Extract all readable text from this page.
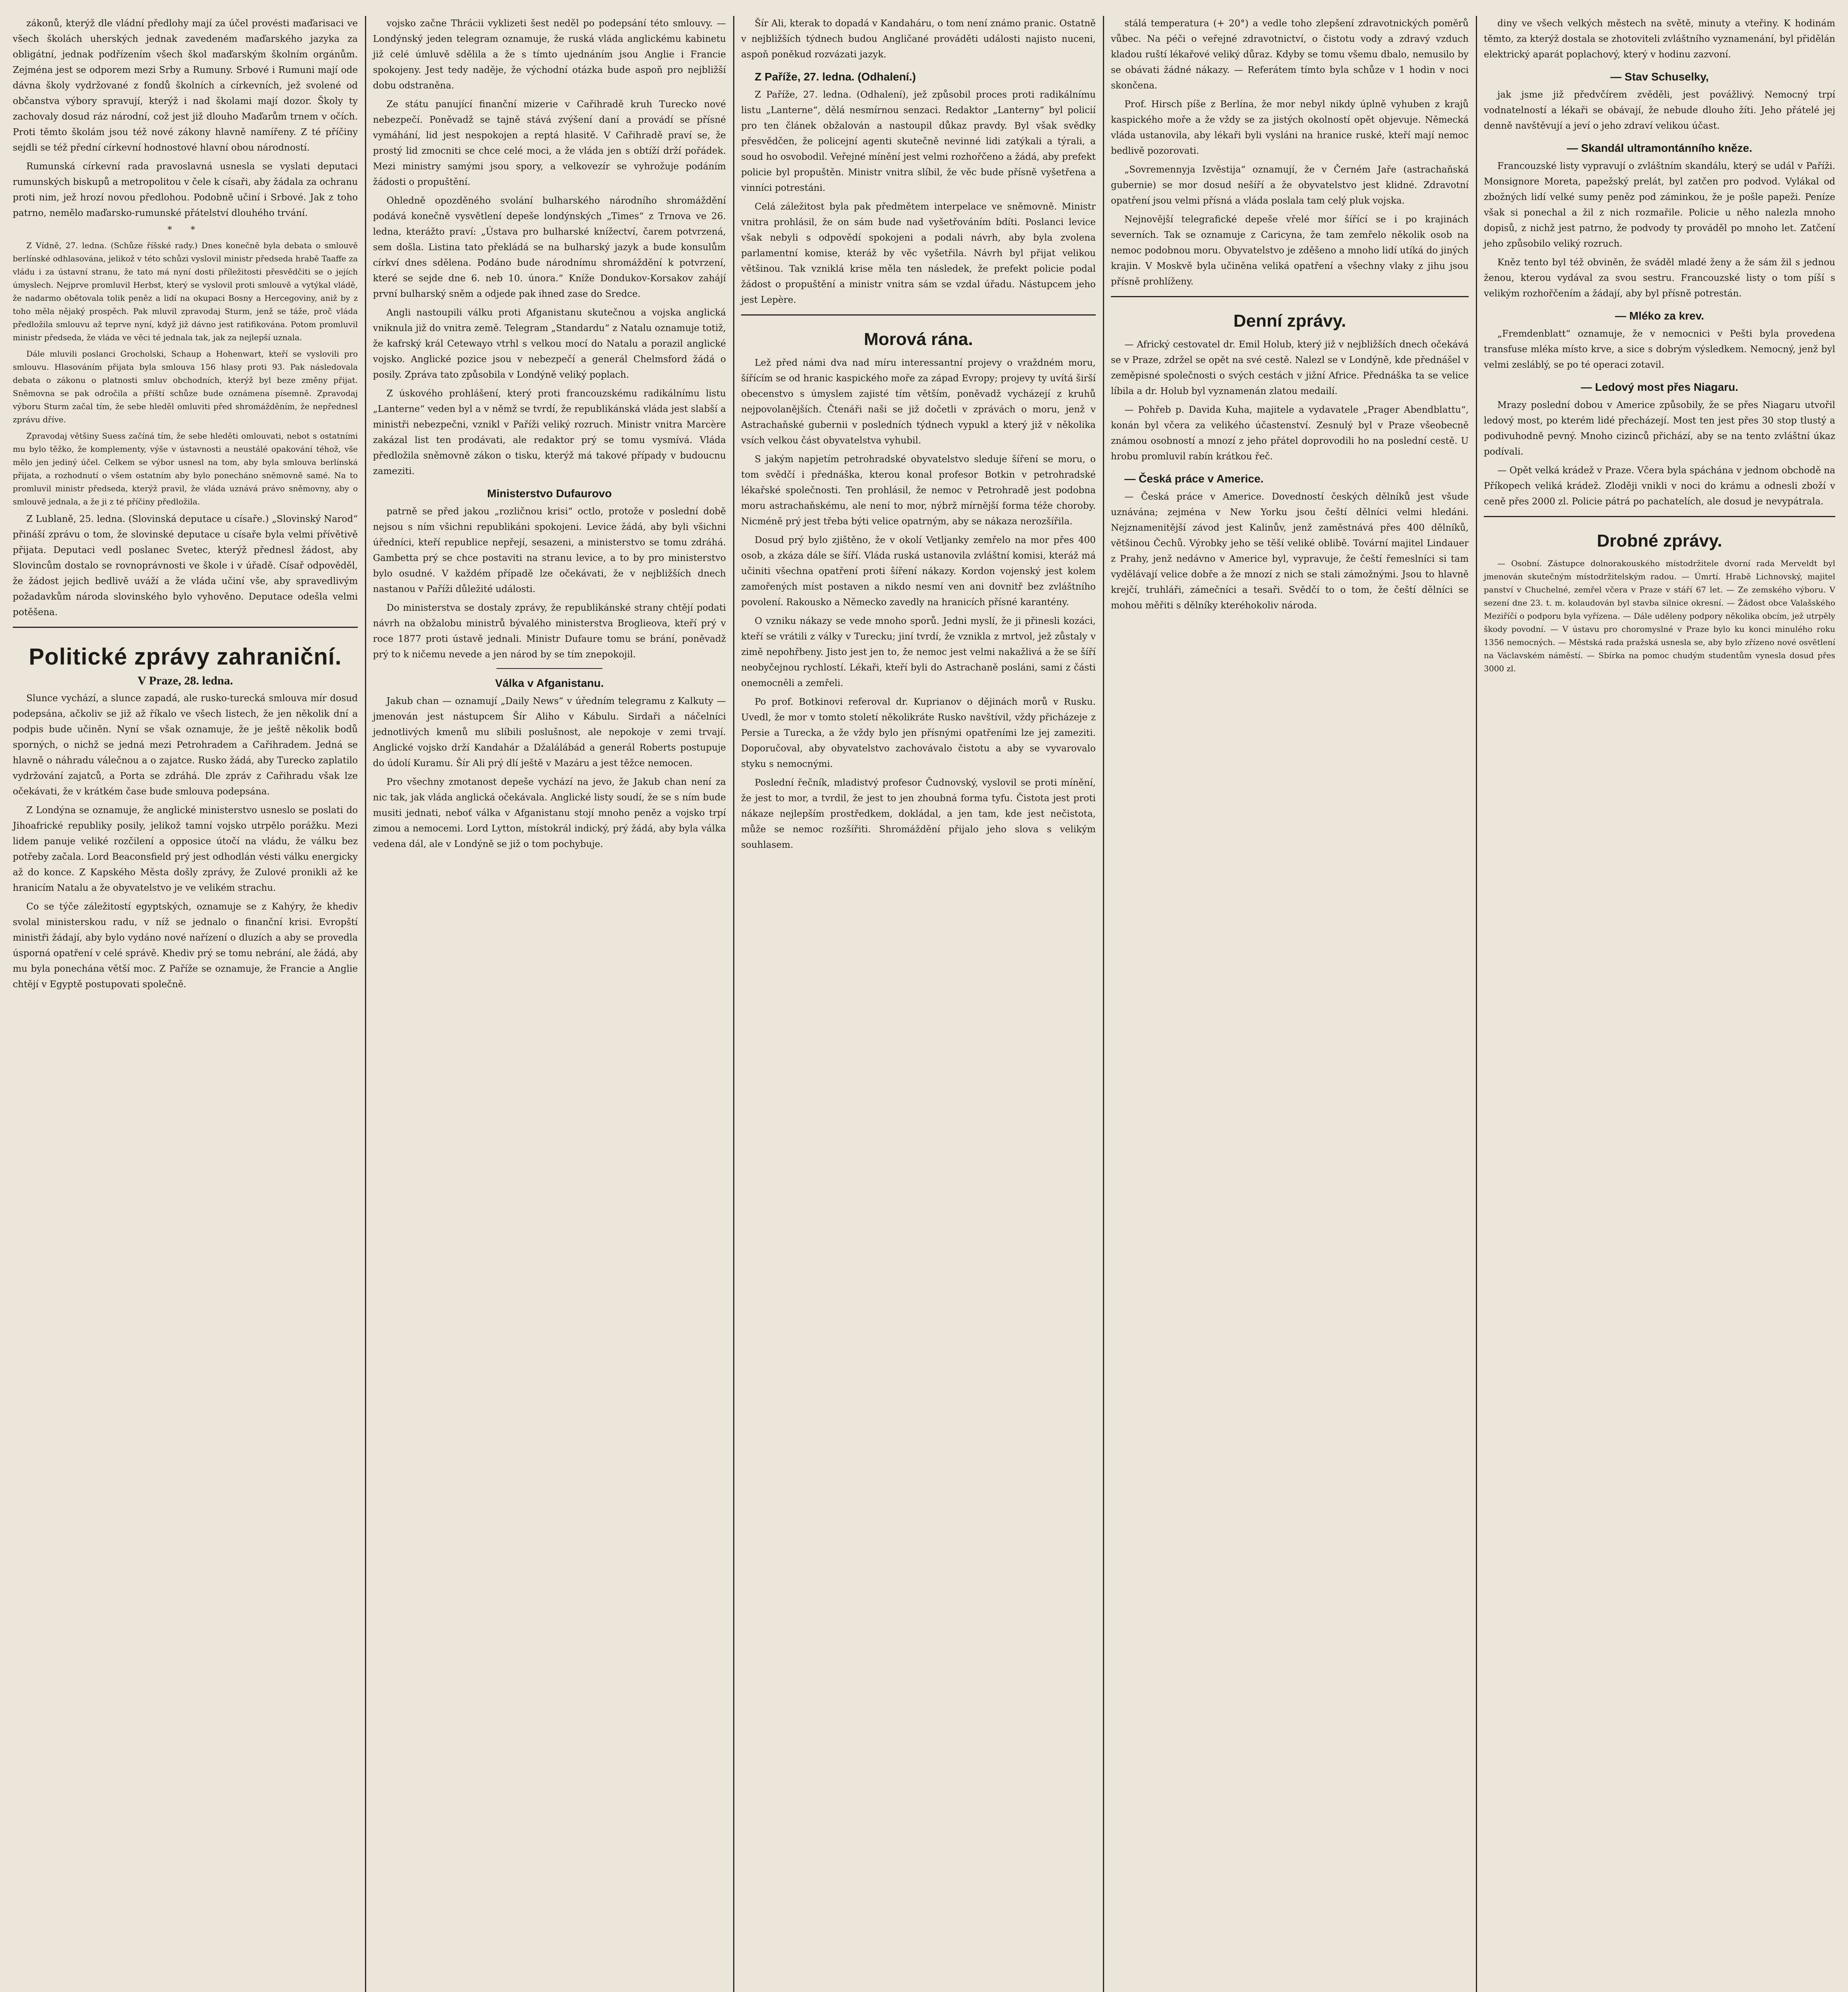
zákonů, kterýž dle vládní předlohy mají za účel provésti maďarisaci ve všech školách uherských jednak zavedeném maďarského jazyka za obligátní, jednak podřízením všech škol maďarským školním orgánům. Zejména jest se odporem mezi Srby a Rumuny. Srbové i Rumuni mají ode dávna školy vydržované z fondů školních a církevních, jež svolené od občanstva výbory spravují, kterýž i nad školami mají dozor. Školy ty zachovaly dosud ráz národní, což jest již dlouho Maďarům trnem v očích. Proti těmto školám jsou též nové zákony hlavně namířeny. Z té příčiny sejdli se též přední církevní hodnostové hlavní obou národností.

Rumunská církevní rada pravoslavná usnesla se vyslati deputaci rumunských biskupů a metropolitou v čele k císaři, aby žádala za ochranu proti nim, jež hrozí novou předlohou. Podobně učiní i Srbové. Jak z toho patrno, nemělo maďarsko-rumunské přátelství dlouhého trvání.

* *

Z Vídně, 27. ledna. (Schůze říšské rady.) Dnes konečně byla debata o smlouvě berlínské odhlasována, jelikož v této schůzi vyslovil ministr předseda hrabě Taaffe za vládu i za ústavní stranu, že tato má nyní dosti příležitosti přesvědčiti se o jejích úmyslech. Nejprve promluvil Herbst, který se vyslovil proti smlouvě a vytýkal vládě, že nadarmo obětovala tolik peněz a lidí na okupaci Bosny a Hercegoviny, aniž by z toho měla nějaký prospěch. Pak mluvil zpravodaj Sturm, jenž se táže, proč vláda předložila smlouvu až teprve nyní, když již dávno jest ratifikována. Potom promluvil ministr předseda, že vláda ve věci té jednala tak, jak za nejlepší uznala.

Dále mluvili poslanci Grocholski, Schaup a Hohenwart, kteří se vyslovili pro smlouvu. Hlasováním přijata byla smlouva 156 hlasy proti 93. Pak následovala debata o zákonu o platnosti smluv obchodních, kterýž byl beze změny přijat. Sněmovna se pak odročila a příští schůze bude oznámena písemně. Zpravodaj výboru Sturm začal tím, že sebe hleděl omluviti před shromážděním, že nepřednesl zprávu dříve.

Zpravodaj většiny Suess začíná tím, že sebe hleděti omlouvati, nebot s ostatními mu bylo těžko, že komplementy, výše v ústavnosti a neustálé opakování téhož, vše mělo jen jediný účel. Celkem se výbor usnesl na tom, aby byla smlouva berlínská přijata, a rozhodnutí o všem ostatním aby bylo ponecháno sněmovně samé. Na to promluvil ministr předseda, kterýž pravil, že vláda uznává právo sněmovny, aby o smlouvě jednala, a že ji z té příčiny předložila.

Z Lublaně, 25. ledna. (Slovinská deputace u císaře.) „Slovinský Narod“ přináší zprávu o tom, že slovinské deputace u císaře byla velmi přívětivě přijata. Deputaci vedl poslanec Svetec, kterýž přednesl žádost, aby Slovincům dostalo se rovnoprávnosti ve škole i v úřadě. Císař odpověděl, že žádost jejich bedlivě uváží a že vláda učiní vše, aby spravedlivým požadavkům národa slovinského bylo vyhověno. Deputace odešla velmi potěšena.

Politické zprávy zahraniční.
V Praze, 28. ledna.

Slunce vychází, a slunce zapadá, ale rusko-turecká smlouva mír dosud podepsána, ačkoliv se již až říkalo ve všech listech, že jen několik dní a podpis bude učiněn. Nyní se však oznamuje, že je ještě několik bodů sporných, o nichž se jedná mezi Petrohradem a Cařihradem. Jedná se hlavně o náhradu válečnou a o zajatce. Rusko žádá, aby Turecko zaplatilo vydržování zajatců, a Porta se zdráhá. Dle zpráv z Cařihradu však lze očekávati, že v krátkém čase bude smlouva podepsána.

Z Londýna se oznamuje, že anglické ministerstvo usneslo se poslati do Jihoafrické republiky posily, jelikož tamní vojsko utrpělo porážku. Mezi lidem panuje veliké rozčilení a opposice útočí na vládu, že válku bez potřeby začala. Lord Beaconsfield prý jest odhodlán vésti válku energicky až do konce. Z Kapského Města došly zprávy, že Zulové pronikli až ke hranicím Natalu a že obyvatelstvo je ve velikém strachu.

Co se týče záležitostí egyptských, oznamuje se z Kahýry, že khediv svolal ministerskou radu, v níž se jednalo o finanční krisi. Evropští ministři žádají, aby bylo vydáno nové nařízení o dluzích a aby se provedla úsporná opatření v celé správě. Khediv prý se tomu nebrání, ale žádá, aby mu byla ponechána větší moc. Z Paříže se oznamuje, že Francie a Anglie chtějí v Egyptě postupovati společně.

vojsko začne Thrácii vyklizeti šest neděl po podepsání této smlouvy. — Londýnský jeden telegram oznamuje, že ruská vláda anglickému kabinetu již celé úmluvě sdělila a že s tímto ujednáním jsou Anglie i Francie spokojeny. Jest tedy naděje, že východní otázka bude aspoň pro nejbližší dobu odstraněna.

Ze státu panující finanční mizerie v Cařihradě kruh Turecko nové nebezpečí. Poněvadž se tajně stává zvýšení daní a provádí se přísné vymáhání, lid jest nespokojen a reptá hlasitě. V Cařihradě praví se, že prostý lid zmocniti se chce celé moci, a že vláda jen s obtíží drží pořádek. Mezi ministry samými jsou spory, a velkovezír se vyhrožuje podáním žádosti o propuštění.

Ohledně opozděného svolání bulharského národního shromáždění podává konečně vysvětlení depeše londýnských „Times“ z Trnova ve 26. ledna, kterážto praví: „Ústava pro bulharské knížectví, čarem potvrzená, sem došla. Listina tato překládá se na bulharský jazyk a bude konsulům církví dnes sdělena. Podáno bude národnímu shromáždění k potvrzení, které se sejde dne 6. neb 10. února.“ Kníže Dondukov-Korsakov zahájí první bulharský sněm a odjede pak ihned zase do Sredce.

Angli nastoupili válku proti Afganistanu skutečnou a vojska anglická vniknula již do vnitra země. Telegram „Standardu“ z Natalu oznamuje totiž, že kafrský král Cetewayo vtrhl s velkou mocí do Natalu a porazil anglické vojsko. Anglické pozice jsou v nebezpečí a generál Chelmsford žádá o posily. Zpráva tato způsobila v Londýně veliký poplach.

Z úskového prohlášení, který proti francouzskému radikálnímu listu „Lanterne“ veden byl a v němž se tvrdí, že republikánská vláda jest slabší a ministři nebezpečni, vznikl v Paříži veliký rozruch. Ministr vnitra Marcère zakázal list ten prodávati, ale redaktor prý se tomu vysmívá. Vláda předložila sněmovně zákon o tisku, kterýž má takové případy v budoucnu zameziti.

Ministerstvo Dufaurovo

patrně se před jakou „rozličnou krisi“ octlo, protože v poslední době nejsou s ním všichni republikáni spokojeni. Levice žádá, aby byli všichni úředníci, kteří republice nepřejí, sesazeni, a ministerstvo se tomu zdráhá. Gambetta prý se chce postaviti na stranu levice, a to by pro ministerstvo bylo osudné. V každém případě lze očekávati, že v nejbližších dnech nastanou v Paříži důležité události.

Do ministerstva se dostaly zprávy, že republikánské strany chtějí podati návrh na obžalobu ministrů bývalého ministerstva Broglieova, kteří prý v roce 1877 proti ústavě jednali. Ministr Dufaure tomu se brání, poněvadž prý to k ničemu nevede a jen národ by se tím znepokojil.

Válka v Afganistanu.

Jakub chan — oznamují „Daily News“ v úředním telegramu z Kalkuty — jmenován jest nástupcem Šír Aliho v Kábulu. Sirdaři a náčelníci jednotlivých kmenů mu slíbili poslušnost, ale nepokoje v zemi trvají. Anglické vojsko drží Kandahár a Džalálábád a generál Roberts postupuje do údolí Kuramu. Šír Ali prý dlí ještě v Mazáru a jest těžce nemocen.

Pro všechny zmotanost depeše vychází na jevo, že Jakub chan není za nic tak, jak vláda anglická očekávala. Anglické listy soudí, že se s ním bude musiti jednati, neboť válka v Afganistanu stojí mnoho peněz a vojsko trpí zimou a nemocemi. Lord Lytton, místokrál indický, prý žádá, aby byla válka vedena dál, ale v Londýně se již o tom pochybuje.

Šír Ali, kterak to dopadá v Kandaháru, o tom není známo pranic. Ostatně v nejbližších týdnech budou Angličané prováděti události najisto nuceni, aspoň poněkud rozvázati jazyk.

Z Paříže, 27. ledna. (Odhalení.)

Z Paříže, 27. ledna. (Odhalení), jež způsobil proces proti radikálnímu listu „Lanterne“, dělá nesmírnou senzaci. Redaktor „Lanterny“ byl policií pro ten článek obžalován a nastoupil důkaz pravdy. Byl však svědky přesvědčen, že policejní agenti skutečně nevinné lidi zatýkali a týrali, a soud ho osvobodil. Veřejné mínění jest velmi rozhořčeno a žádá, aby prefekt policie byl propuštěn. Ministr vnitra slíbil, že věc bude přísně vyšetřena a vinníci potrestáni.

Celá záležitost byla pak předmětem interpelace ve sněmovně. Ministr vnitra prohlásil, že on sám bude nad vyšetřováním bdíti. Poslanci levice však nebyli s odpovědí spokojeni a podali návrh, aby byla zvolena parlamentní komise, kteráž by věc vyšetřila. Návrh byl přijat velikou většinou. Tak vzniklá krise měla ten následek, že prefekt policie podal žádost o propuštění a ministr vnitra sám se vzdal úřadu. Nástupcem jeho jest Lepère.

Morová rána.

Lež před námi dva nad míru interessantní projevy o vraždném moru, šířícím se od hranic kaspického moře za západ Evropy; projevy ty uvítá širší obecenstvo s úmyslem zajisté tím větším, poněvadž vycházejí z kruhů nejpovolanějších. Čtenáři naši se již dočetli v zprávách o moru, jenž v Astrachaňské gubernii v posledních týdnech vypukl a který již v několika vsích velkou část obyvatelstva vyhubil.

S jakým napjetím petrohradské obyvatelstvo sleduje šíření se moru, o tom svědčí i přednáška, kterou konal profesor Botkin v petrohradské lékařské společnosti. Ten prohlásil, že nemoc v Petrohradě jest podobna moru astrachaňskému, ale není to mor, nýbrž mírnější forma téže choroby. Nicméně prý jest třeba býti velice opatrným, aby se nákaza nerozšířila.

Dosud prý bylo zjištěno, že v okolí Vetljanky zemřelo na mor přes 400 osob, a zkáza dále se šíří. Vláda ruská ustanovila zvláštní komisi, kteráž má učiniti všechna opatření proti šíření nákazy. Kordon vojenský jest kolem zamořených míst postaven a nikdo nesmí ven ani dovnitř bez zvláštního povolení. Rakousko a Německo zavedly na hranicích přísné karantény.

O vzniku nákazy se vede mnoho sporů. Jedni myslí, že ji přinesli kozáci, kteří se vrátili z války v Turecku; jiní tvrdí, že vznikla z mrtvol, jež zůstaly v zimě nepohřbeny. Jisto jest jen to, že nemoc jest velmi nakažlivá a že se šíří neobyčejnou rychlostí. Lékaři, kteří byli do Astrachaně posláni, sami z části onemocněli a zemřeli.

Po prof. Botkinovi referoval dr. Kuprianov o dějinách morů v Rusku. Uvedl, že mor v tomto století několikráte Rusko navštívil, vždy přicházeje z Persie a Turecka, a že vždy bylo jen přísnými opatřeními lze jej zameziti. Doporučoval, aby obyvatelstvo zachovávalo čistotu a aby se vyvarovalo styku s nemocnými.

Poslední řečník, mladistvý profesor Čudnovský, vyslovil se proti mínění, že jest to mor, a tvrdil, že jest to jen zhoubná forma tyfu. Čistota jest proti nákaze nejlepším prostředkem, dokládal, a jen tam, kde jest nečistota, může se nemoc rozšířiti. Shromáždění přijalo jeho slova s velikým souhlasem.

stálá temperatura (+ 20°) a vedle toho zlepšení zdravotnických poměrů vůbec. Na péči o veřejné zdravotnictví, o čistotu vody a zdravý vzduch kladou ruští lékařové veliký důraz. Kdyby se tomu všemu dbalo, nemusilo by se obávati žádné nákazy. — Referátem tímto byla schůze v 1 hodin v noci skončena.

Prof. Hirsch píše z Berlína, že mor nebyl nikdy úplně vyhuben z krajů kaspického moře a že vždy se za jistých okolností opět objevuje. Německá vláda ustanovila, aby lékaři byli vysláni na hranice ruské, kteří mají nemoc bedlivě pozorovati.

„Sovremennyja Izvěstija“ oznamují, že v Černém Jaře (astrachaňská gubernie) se mor dosud nešíří a že obyvatelstvo jest klidné. Zdravotní opatření jsou velmi přísná a vláda poslala tam celý pluk vojska.

Nejnovější telegrafické depeše vřelé mor šířící se i po krajinách severních. Tak se oznamuje z Caricyna, že tam zemřelo několik osob na nemoc podobnou moru. Obyvatelstvo je zděšeno a mnoho lidí utíká do jiných krajin. V Moskvě byla učiněna veliká opatření a všechny vlaky z jihu jsou přísně prohlíženy.

Denní zprávy.

— Africký cestovatel dr. Emil Holub, který již v nejbližších dnech očekává se v Praze, zdržel se opět na své cestě. Nalezl se v Londýně, kde přednášel v zeměpisné společnosti o svých cestách v jižní Africe. Přednáška ta se velice líbila a dr. Holub byl vyznamenán zlatou medailí.

— Pohřeb p. Davida Kuha, majitele a vydavatele „Prager Abendblattu“, konán byl včera za velikého účastenství. Zesnulý byl v Praze všeobecně známou osobností a mnozí z jeho přátel doprovodili ho na poslední cestě. U hrobu promluvil rabín krátkou řeč.

— Česká práce v Americe.

— Česká práce v Americe. Dovedností českých dělníků jest všude uznávána; zejména v New Yorku jsou čeští dělníci velmi hledáni. Nejznamenitější závod jest Kalinův, jenž zaměstnává přes 400 dělníků, většinou Čechů. Výrobky jeho se těší veliké oblibě. Tovární majitel Lindauer z Prahy, jenž nedávno v Americe byl, vypravuje, že čeští řemeslníci si tam vydělávají velice dobře a že mnozí z nich se stali zámožnými. Jsou to hlavně krejčí, truhláři, zámečníci a tesaři. Svědčí to o tom, že čeští dělníci se mohou měřiti s dělníky kteréhokoliv národa.

diny ve všech velkých městech na světě, minuty a vteřiny. K hodinám těmto, za kterýž dostala se zhotoviteli zvláštního vyznamenání, byl přidělán elektrický aparát poplachový, který v hodinu zazvoní.

— Stav Schuselky,

jak jsme již předvčírem zvěděli, jest povážlivý. Nemocný trpí vodnatelností a lékaři se obávají, že nebude dlouho žíti. Jeho přátelé jej denně navštěvují a jeví o jeho zdraví velikou účast.

— Skandál ultramontánního kněze.

Francouzské listy vypravují o zvláštním skandálu, který se udál v Paříži. Monsignore Moreta, papežský prelát, byl zatčen pro podvod. Vylákal od zbožných lidí velké sumy peněz pod záminkou, že je pošle papeži. Peníze však si ponechal a žil z nich rozmařile. Policie u něho nalezla mnoho dopisů, z nichž jest patrno, že podvody ty prováděl po mnoho let. Zatčení jeho způsobilo veliký rozruch.

Kněz tento byl též obviněn, že sváděl mladé ženy a že sám žil s jednou ženou, kterou vydával za svou sestru. Francouzské listy o tom píší s velikým rozhořčením a žádají, aby byl přísně potrestán.

— Mléko za krev.

„Fremdenblatt“ oznamuje, že v nemocnici v Pešti byla provedena transfuse mléka místo krve, a sice s dobrým výsledkem. Nemocný, jenž byl velmi zesláblý, se po té operaci zotavil.

— Ledový most přes Niagaru.

Mrazy poslední dobou v Americe způsobily, že se přes Niagaru utvořil ledový most, po kterém lidé přecházejí. Most ten jest přes 30 stop tlustý a podivuhodně pevný. Mnoho cizinců přichází, aby se na tento zvláštní úkaz podívali.

— Opět velká krádež v Praze. Včera byla spáchána v jednom obchodě na Příkopech veliká krádež. Zloději vnikli v noci do krámu a odnesli zboží v ceně přes 2000 zl. Policie pátrá po pachatelích, ale dosud je nevypátrala.

Drobné zprávy.

— Osobní. Zástupce dolnorakouského místodržitele dvorní rada Merveldt byl jmenován skutečným místodržitelským radou. — Úmrtí. Hrabě Lichnovský, majitel panství v Chuchelné, zemřel včera v Praze v stáří 67 let. — Ze zemského výboru. V sezení dne 23. t. m. kolaudován byl stavba silnice okresní. — Žádost obce Valašského Meziříčí o podporu byla vyřízena. — Dále uděleny podpory několika obcím, jež utrpěly škody povodní. — V ústavu pro choromyslné v Praze bylo ku konci minulého roku 1356 nemocných. — Městská rada pražská usnesla se, aby bylo zřízeno nové osvětlení na Václavském náměstí. — Sbírka na pomoc chudým studentům vynesla dosud přes 3000 zl.
